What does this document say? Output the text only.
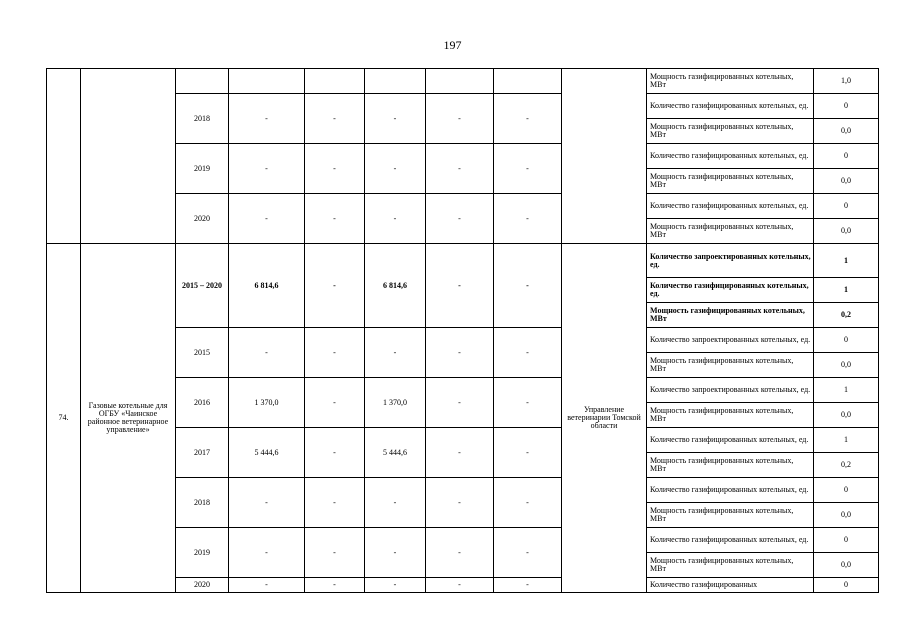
197
									Мощность газифицированных котельных, МВт	1,0
		2018	-	-	-	-	-		Количество газифицированных котельных, ед.	0
									Мощность газифицированных котельных, МВт	0,0
		2019	-	-	-	-	-		Количество газифицированных котельных, ед.	0
									Мощность газифицированных котельных, МВт	0,0
		2020	-	-	-	-	-		Количество газифицированных котельных, ед.	0
									Мощность газифицированных котельных, МВт	0,0
74.	Газовые котельные для ОГБУ «Чаинское районное ветеринарное управление»	2015 – 2020	6 814,6	-	6 814,6	-	-	Управление ветеринарии Томской области	Количество запроектированных котельных, ед.	1
									Количество газифицированных котельных, ед.	1
									Мощность газифицированных котельных, МВт	0,2
		2015	-	-	-	-	-		Количество запроектированных котельных, ед.	0
									Мощность газифицированных котельных, МВт	0,0
		2016	1 370,0	-	1 370,0	-	-		Количество запроектированных котельных, ед.	1
									Мощность газифицированных котельных, МВт	0,0
		2017	5 444,6	-	5 444,6	-	-		Количество газифицированных котельных, ед.	1
									Мощность газифицированных котельных, МВт	0,2
		2018	-	-	-	-	-		Количество газифицированных котельных, ед.	0
									Мощность газифицированных котельных, МВт	0,0
		2019	-	-	-	-	-		Количество газифицированных котельных, ед.	0
									Мощность газифицированных котельных, МВт	0,0
		2020	-	-	-	-	-		Количество газифицированных	0
